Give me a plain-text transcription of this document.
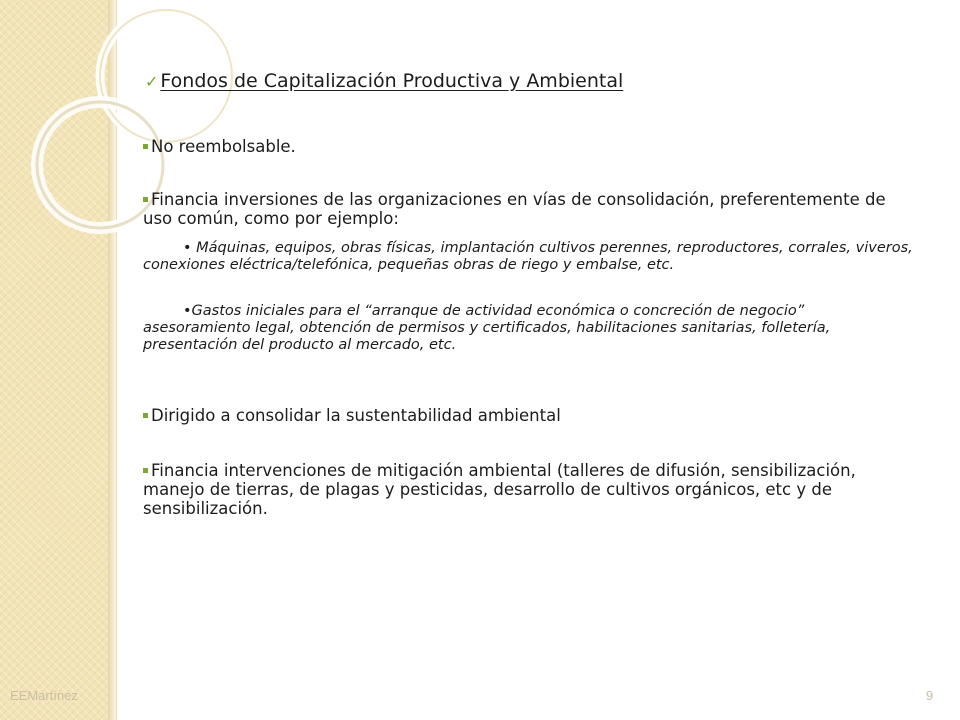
✓ Fondos de Capitalización Productiva y Ambiental
No reembolsable.
Financia inversiones de las organizaciones en vías de consolidación, preferentemente de uso común, como por ejemplo:
• Máquinas, equipos, obras físicas, implantación cultivos perennes, reproductores, corrales, viveros, conexiones eléctrica/telefónica, pequeñas obras de riego y embalse, etc.
•Gastos iniciales para el “arranque de actividad económica o concreción de negocio” asesoramiento legal, obtención de permisos y certificados, habilitaciones sanitarias, folletería, presentación del producto al mercado, etc.
Dirigido a consolidar la sustentabilidad ambiental
Financia intervenciones de mitigación ambiental (talleres de difusión, sensibilización, manejo de tierras, de plagas y pesticidas, desarrollo de cultivos orgánicos, etc y de sensibilización.
EEMartínez	9
